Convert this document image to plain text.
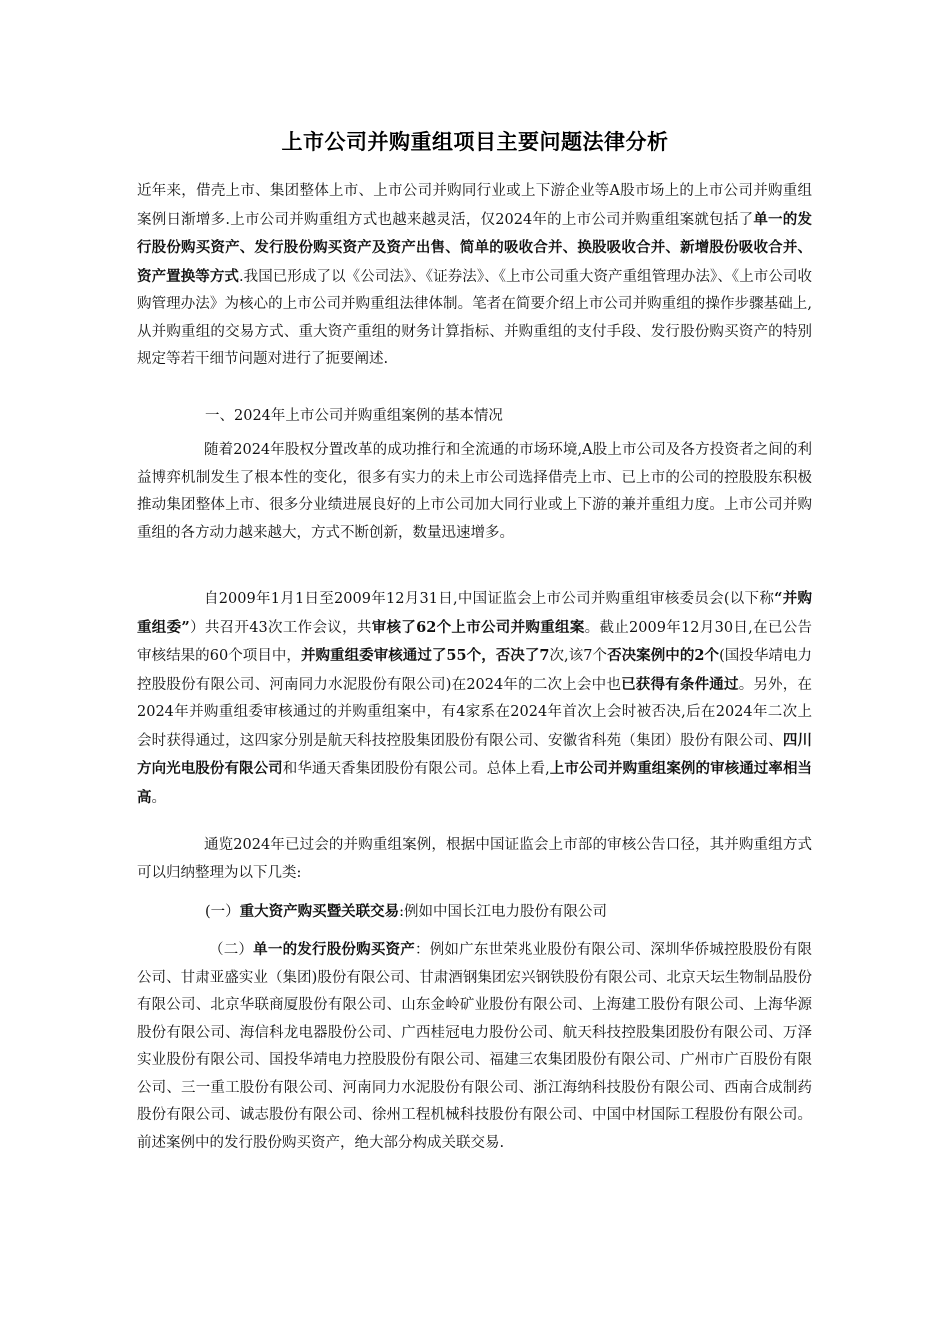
上市公司并购重组项目主要问题法律分析

近年来，借壳上市、集团整体上市、上市公司并购同行业或上下游企业等A股市场上的上市公司并购重组案例日渐增多.上市公司并购重组方式也越来越灵活，仅2024年的上市公司并购重组案就包括了单一的发行股份购买资产、发行股份购买资产及资产出售、简单的吸收合并、换股吸收合并、新增股份吸收合并、资产置换等方式.我国已形成了以《公司法》、《证券法》、《上市公司重大资产重组管理办法》、《上市公司收购管理办法》为核心的上市公司并购重组法律体制。笔者在简要介绍上市公司并购重组的操作步骤基础上,从并购重组的交易方式、重大资产重组的财务计算指标、并购重组的支付手段、发行股份购买资产的特别规定等若干细节问题对进行了扼要阐述.

一、2024年上市公司并购重组案例的基本情况

随着2024年股权分置改革的成功推行和全流通的市场环境,A股上市公司及各方投资者之间的利益博弈机制发生了根本性的变化，很多有实力的未上市公司选择借壳上市、已上市的公司的控股股东积极推动集团整体上市、很多分业绩进展良好的上市公司加大同行业或上下游的兼并重组力度。上市公司并购重组的各方动力越来越大，方式不断创新，数量迅速增多。

自2009年1月1日至2009年12月31日,中国证监会上市公司并购重组审核委员会(以下称“并购重组委”）共召开43次工作会议，共审核了62个上市公司并购重组案。截止2009年12月30日,在已公告审核结果的60个项目中，并购重组委审核通过了55个，否决了7次,该7个否决案例中的2个(国投华靖电力控股股份有限公司、河南同力水泥股份有限公司)在2024年的二次上会中也已获得有条件通过。另外，在2024年并购重组委审核通过的并购重组案中，有4家系在2024年首次上会时被否决,后在2024年二次上会时获得通过，这四家分别是航天科技控股集团股份有限公司、安徽省科苑（集团）股份有限公司、四川方向光电股份有限公司和华通天香集团股份有限公司。总体上看,上市公司并购重组案例的审核通过率相当高。

通览2024年已过会的并购重组案例，根据中国证监会上市部的审核公告口径，其并购重组方式可以归纳整理为以下几类:

(一）重大资产购买暨关联交易:例如中国长江电力股份有限公司

（二）单一的发行股份购买资产：例如广东世荣兆业股份有限公司、深圳华侨城控股股份有限公司、甘肃亚盛实业（集团)股份有限公司、甘肃酒钢集团宏兴钢铁股份有限公司、北京天坛生物制品股份有限公司、北京华联商厦股份有限公司、山东金岭矿业股份有限公司、上海建工股份有限公司、上海华源股份有限公司、海信科龙电器股份公司、广西桂冠电力股份公司、航天科技控股集团股份有限公司、万泽实业股份有限公司、国投华靖电力控股股份有限公司、福建三农集团股份有限公司、广州市广百股份有限公司、三一重工股份有限公司、河南同力水泥股份有限公司、浙江海纳科技股份有限公司、西南合成制药股份有限公司、诚志股份有限公司、徐州工程机械科技股份有限公司、中国中材国际工程股份有限公司。前述案例中的发行股份购买资产，绝大部分构成关联交易.
